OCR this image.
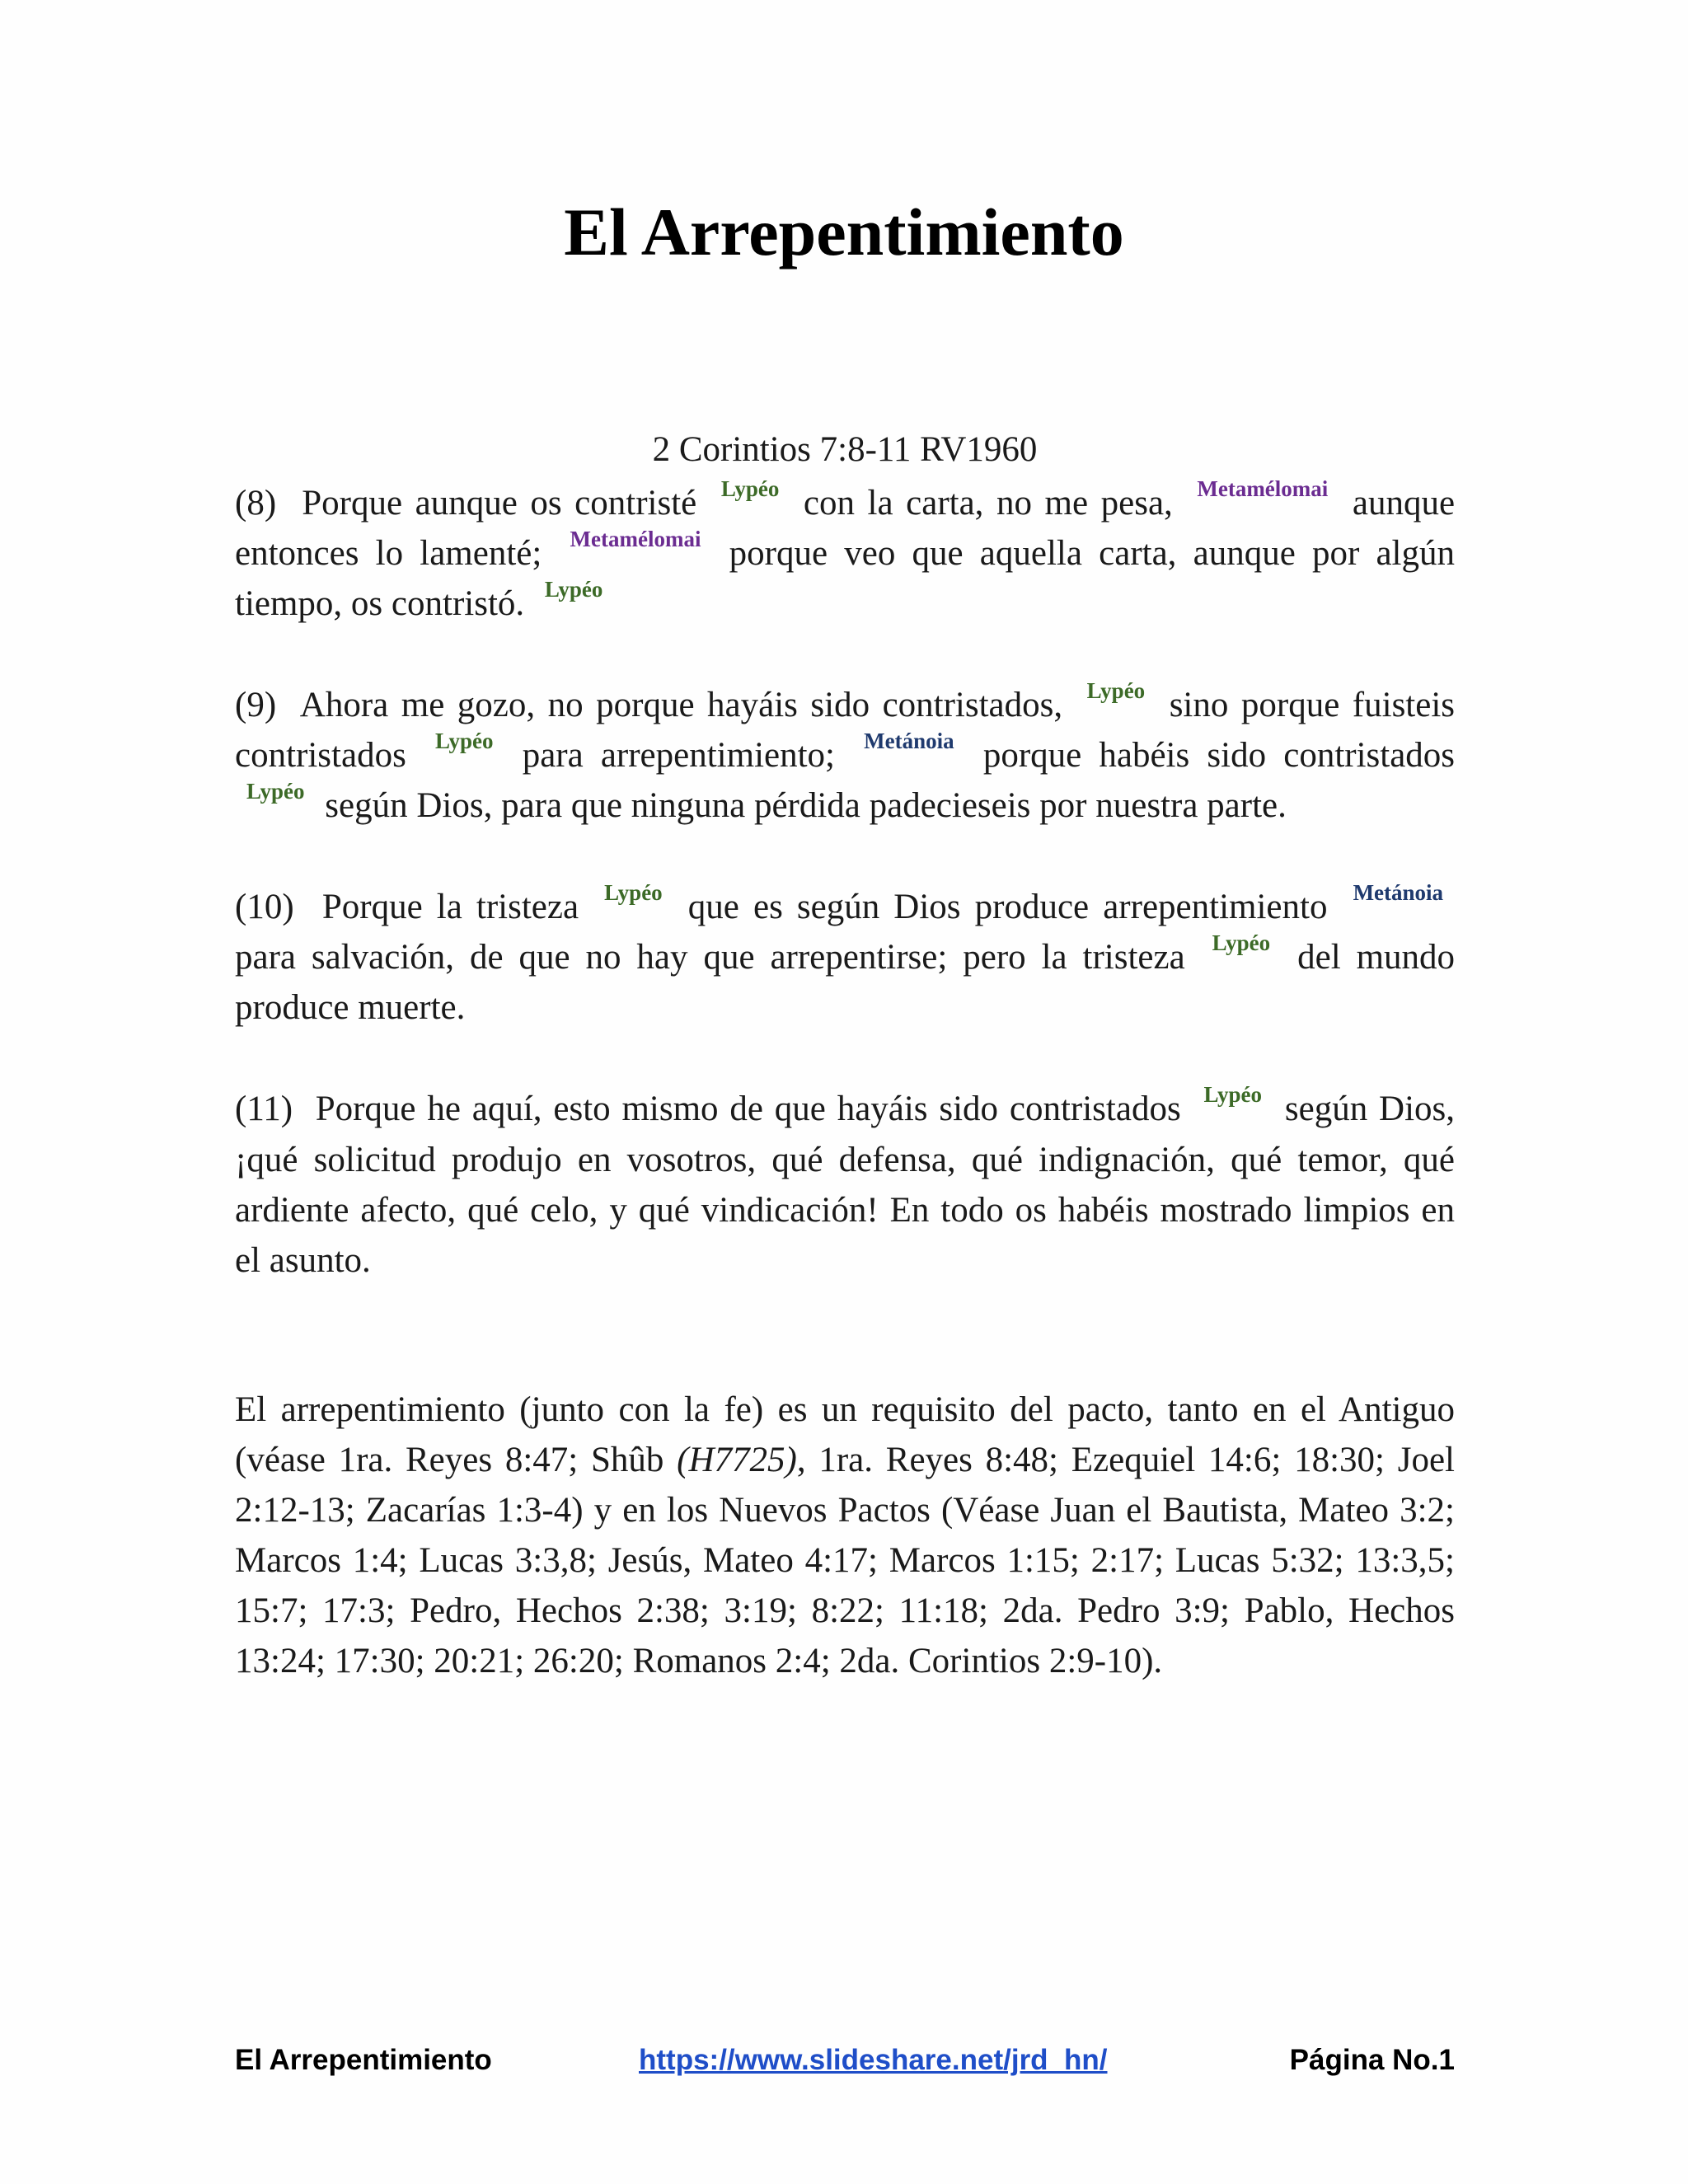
El Arrepentimiento
2 Corintios 7:8-11 RV1960

(8) Porque aunque os contristé $^{Lypéo}$ con la carta, no me pesa, $^{Metamélomai}$ aunque entonces lo lamenté; $^{Metamélomai}$ porque veo que aquella carta, aunque por algún tiempo, os contristó. $^{Lypéo}$

(9) Ahora me gozo, no porque hayáis sido contristados, $^{Lypéo}$ sino porque fuisteis contristados $^{Lypéo}$ para arrepentimiento; $^{Metánoia}$ porque habéis sido contristados $^{Lypéo}$ según Dios, para que ninguna pérdida padecieseis por nuestra parte.

(10) Porque la tristeza $^{Lypéo}$ que es según Dios produce arrepentimiento $^{Metánoia}$ para salvación, de que no hay que arrepentirse; pero la tristeza $^{Lypéo}$ del mundo produce muerte.

(11) Porque he aquí, esto mismo de que hayáis sido contristados $^{Lypéo}$ según Dios, ¡qué solicitud produjo en vosotros, qué defensa, qué indignación, qué temor, qué ardiente afecto, qué celo, y qué vindicación! En todo os habéis mostrado limpios en el asunto.

El arrepentimiento (junto con la fe) es un requisito del pacto, tanto en el Antiguo (véase 1ra. Reyes 8:47; Shûb (H7725), 1ra. Reyes 8:48; Ezequiel 14:6; 18:30; Joel 2:12-13; Zacarías 1:3-4) y en los Nuevos Pactos (Véase Juan el Bautista, Mateo 3:2; Marcos 1:4; Lucas 3:3,8; Jesús, Mateo 4:17; Marcos 1:15; 2:17; Lucas 5:32; 13:3,5; 15:7; 17:3; Pedro, Hechos 2:38; 3:19; 8:22; 11:18; 2da. Pedro 3:9; Pablo, Hechos 13:24; 17:30; 20:21; 26:20; Romanos 2:4; 2da. Corintios 2:9-10).

El Arrepentimiento	https://www.slideshare.net/jrd_hn/	Página No.1
